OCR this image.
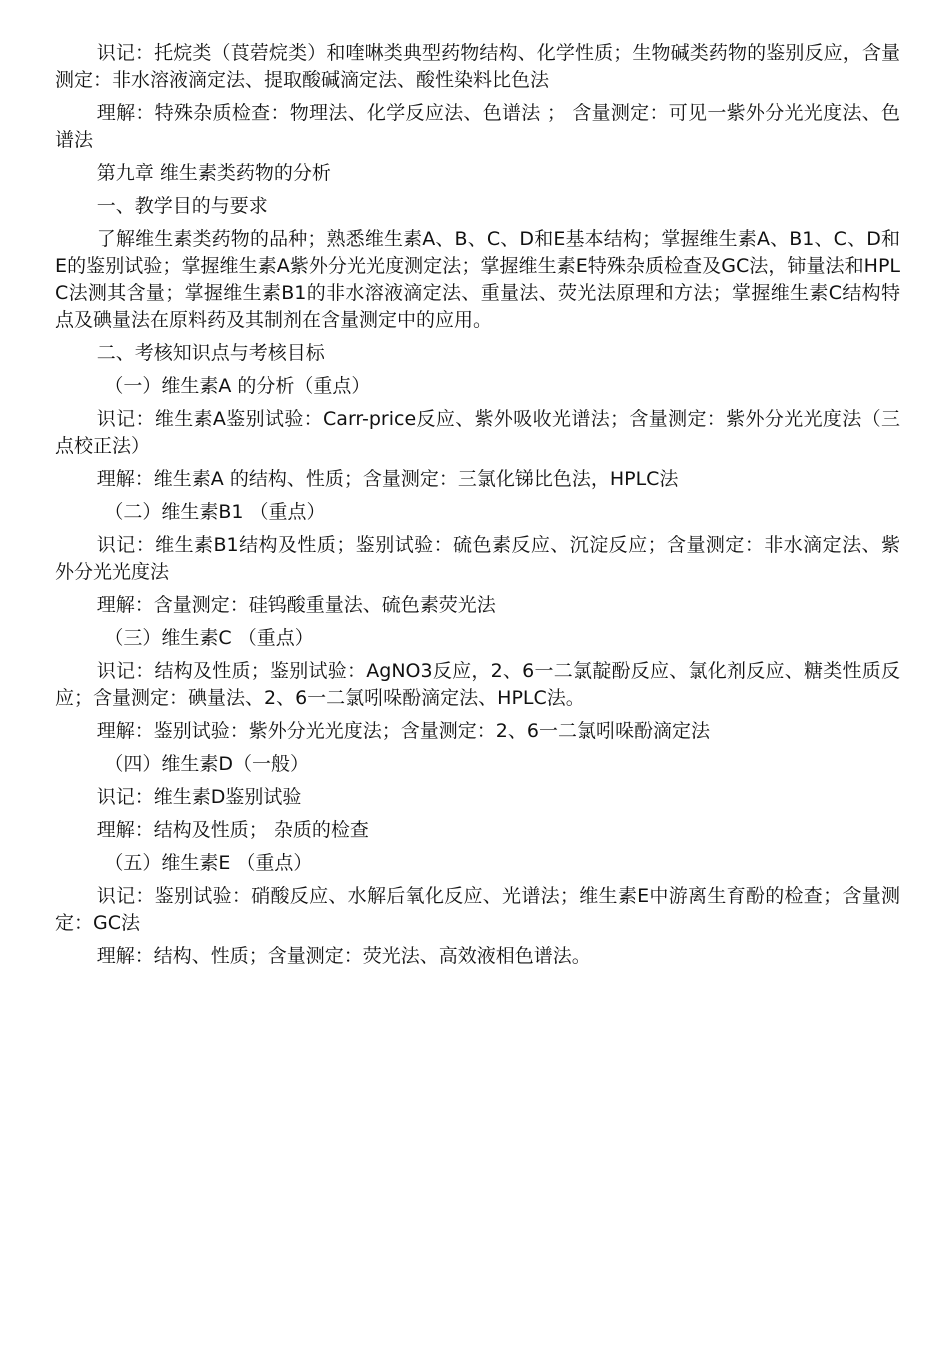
识记：托烷类（莨菪烷类）和喹啉类典型药物结构、化学性质；生物碱类药物的鉴别反应，含量测定：非水溶液滴定法、提取酸碱滴定法、酸性染料比色法

理解：特殊杂质检查：物理法、化学反应法、色谱法 ； 含量测定：可见一紫外分光光度法、色谱法

第九章 维生素类药物的分析

一、教学目的与要求

了解维生素类药物的品种；熟悉维生素A、B、C、D和E基本结构；掌握维生素A、B1、C、D和E的鉴别试验；掌握维生素A紫外分光光度测定法；掌握维生素E特殊杂质检查及GC法，铈量法和HPLC法测其含量；掌握维生素B1的非水溶液滴定法、重量法、荧光法原理和方法；掌握维生素C结构特点及碘量法在原料药及其制剂在含量测定中的应用。

二、考核知识点与考核目标

（一）维生素A 的分析（重点）

识记：维生素A鉴别试验：Carr-price反应、紫外吸收光谱法；含量测定：紫外分光光度法（三点校正法）

理解：维生素A 的结构、性质；含量测定：三氯化锑比色法，HPLC法

（二）维生素B1 （重点）

识记：维生素B1结构及性质；鉴别试验：硫色素反应、沉淀反应；含量测定：非水滴定法、紫外分光光度法

理解：含量测定：硅钨酸重量法、硫色素荧光法

（三）维生素C （重点）

识记：结构及性质；鉴别试验：AgNO3反应，2、6一二氯靛酚反应、氯化剂反应、糖类性质反应；含量测定：碘量法、2、6一二氯吲哚酚滴定法、HPLC法。

理解：鉴别试验：紫外分光光度法；含量测定：2、6一二氯吲哚酚滴定法

（四）维生素D（一般）

识记：维生素D鉴别试验

理解：结构及性质； 杂质的检查

（五）维生素E （重点）

识记：鉴别试验：硝酸反应、水解后氧化反应、光谱法；维生素E中游离生育酚的检查；含量测定：GC法

理解：结构、性质；含量测定：荧光法、高效液相色谱法。
